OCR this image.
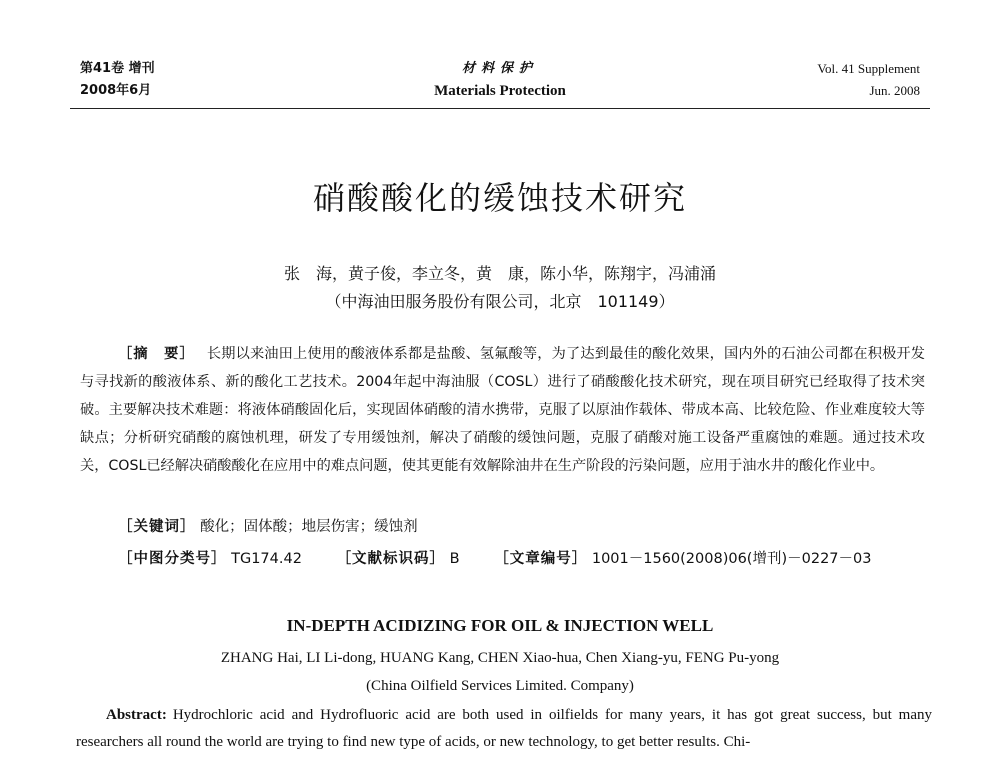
第41卷 增刊
2008年6月
材料保护
Materials Protection
Vol. 41 Supplement
Jun. 2008
硝酸酸化的缓蚀技术研究
张　海，黄子俊，李立冬，黄　康，陈小华，陈翔宇，冯浦涌
（中海油田服务股份有限公司，北京　101149）
［摘　要］ 长期以来油田上使用的酸液体系都是盐酸、氢氟酸等，为了达到最佳的酸化效果，国内外的石油公司都在积极开发与寻找新的酸液体系、新的酸化工艺技术。2004年起中海油服（COSL）进行了硝酸酸化技术研究，现在项目研究已经取得了技术突破。主要解决技术难题：将液体硝酸固化后，实现固体硝酸的清水携带，克服了以原油作载体、带成本高、比较危险、作业难度较大等缺点；分析研究硝酸的腐蚀机理，研发了专用缓蚀剂，解决了硝酸的缓蚀问题，克服了硝酸对施工设备严重腐蚀的难题。通过技术攻关，COSL已经解决硝酸酸化在应用中的难点问题，使其更能有效解除油井在生产阶段的污染问题，应用于油水井的酸化作业中。
［关键词］ 酸化；固体酸；地层伤害；缓蚀剂
［中图分类号］ TG174.42 ［文献标识码］ B ［文章编号］ 1001－1560(2008)06(增刊)－0227－03
IN-DEPTH ACIDIZING FOR OIL & INJECTION WELL
ZHANG Hai, LI Li-dong, HUANG Kang, CHEN Xiao-hua, Chen Xiang-yu, FENG Pu-yong
(China Oilfield Services Limited. Company)
Abstract: Hydrochloric acid and Hydrofluoric acid are both used in oilfields for many years, it has got great success, but many researchers all round the world are trying to find new type of acids, or new technology, to get better results. Chi-
